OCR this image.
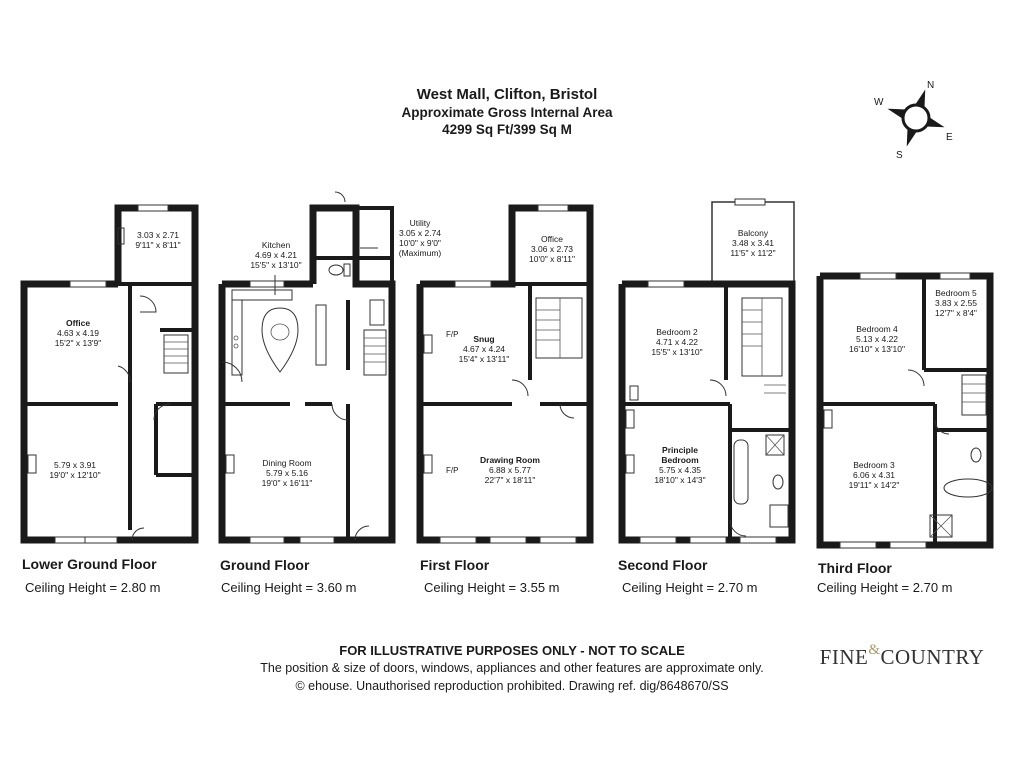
West Mall, Clifton, Bristol
Approximate Gross Internal Area
4299 Sq Ft/399 Sq M
N
E
S
W
3.03 x 2.71
9'11" x 8'11"
Office
4.63 x 4.19
15'2" x 13'9"
5.79 x 3.91
19'0" x 12'10"
Lower Ground Floor
Ceiling Height = 2.80 m
Kitchen
4.69 x 4.21
15'5" x 13'10"
Utility
3.05 x 2.74
10'0" x 9'0"
(Maximum)
Dining Room
5.79 x 5.16
19'0" x 16'11"
Ground Floor
Ceiling Height = 3.60 m
Office
3.06 x 2.73
10'0" x 8'11"
Snug
4.67 x 4.24
15'4" x 13'11"
Drawing Room
6.88 x 5.77
22'7" x 18'11"
F/P
F/P
First Floor
Ceiling Height = 3.55 m
Balcony
3.48 x 3.41
11'5" x 11'2"
Bedroom 2
4.71 x 4.22
15'5" x 13'10"
Principle
Bedroom
5.75 x 4.35
18'10" x 14'3"
Second Floor
Ceiling Height = 2.70 m
Bedroom 4
5.13 x 4.22
16'10" x 13'10"
Bedroom 5
3.83 x 2.55
12'7" x 8'4"
Bedroom 3
6.06 x 4.31
19'11" x 14'2"
Third Floor
Ceiling Height = 2.70 m
FOR ILLUSTRATIVE PURPOSES ONLY - NOT TO SCALE
The position & size of doors, windows, appliances and other features are approximate only.
© ehouse. Unauthorised reproduction prohibited. Drawing ref. dig/8648670/SS
FINE&COUNTRY
